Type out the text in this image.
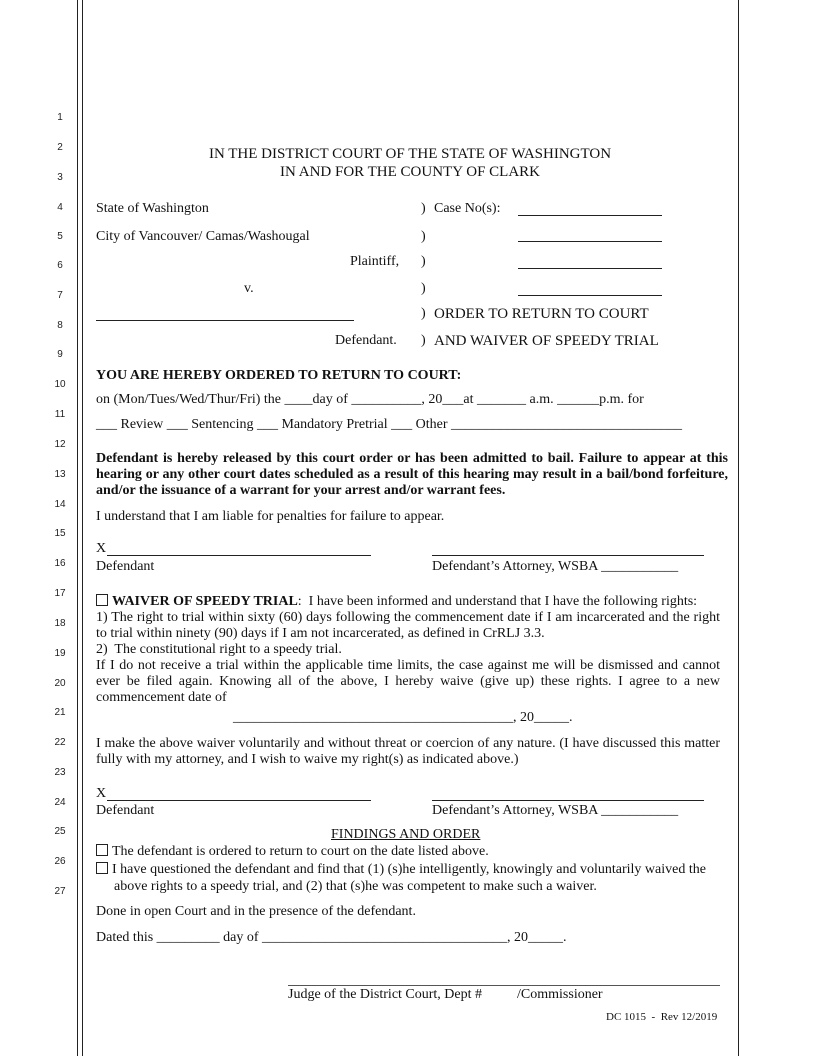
1
2
3
4
5
6
7
8
9
10
11
12
13
14
15
16
17
18
19
20
21
22
23
24
25
26
27
IN THE DISTRICT COURT OF THE STATE OF WASHINGTON
IN AND FOR THE COUNTY OF CLARK
State of Washington
City of Vancouver/ Camas/Washougal
Plaintiff,
v.
Defendant.
)
)
)
)
)
)
Case No(s):
ORDER TO RETURN TO COURT
AND WAIVER OF SPEEDY TRIAL
YOU ARE HEREBY ORDERED TO RETURN TO COURT:
on (Mon/Tues/Wed/Thur/Fri) the ____day of __________, 20___at _______ a.m. ______p.m. for
___ Review ___ Sentencing ___ Mandatory Pretrial ___ Other _________________________________
Defendant is hereby released by this court order or has been admitted to bail. Failure to appear at this hearing or any other court dates scheduled as a result of this hearing may result in a bail/bond forfeiture, and/or the issuance of a warrant for your arrest and/or warrant fees.
I understand that I am liable for penalties for failure to appear.
X
Defendant	Defendant’s Attorney, WSBA ___________
WAIVER OF SPEEDY TRIAL:  I have been informed and understand that I have the following rights:
1) The right to trial within sixty (60) days following the commencement date if I am incarcerated and the right to trial within ninety (90) days if I am not incarcerated, as defined in CrRLJ 3.3.
2)  The constitutional right to a speedy trial.
If I do not receive a trial within the applicable time limits, the case against me will be dismissed and cannot ever be filed again. Knowing all of the above, I hereby waive (give up) these rights. I agree to a new commencement date of
________________________________________, 20_____.
I make the above waiver voluntarily and without threat or coercion of any nature. (I have discussed this matter fully with my attorney, and I wish to waive my right(s) as indicated above.)
X
Defendant	Defendant’s Attorney, WSBA ___________
FINDINGS AND ORDER
The defendant is ordered to return to court on the date listed above.
I have questioned the defendant and find that (1) (s)he intelligently, knowingly and voluntarily waived the
above rights to a speedy trial, and (2) that (s)he was competent to make such a waiver.
Done in open Court and in the presence of the defendant.
Dated this _________ day of ___________________________________, 20_____.
Judge of the District Court, Dept #          /Commissioner
DC 1015  -  Rev 12/2019
